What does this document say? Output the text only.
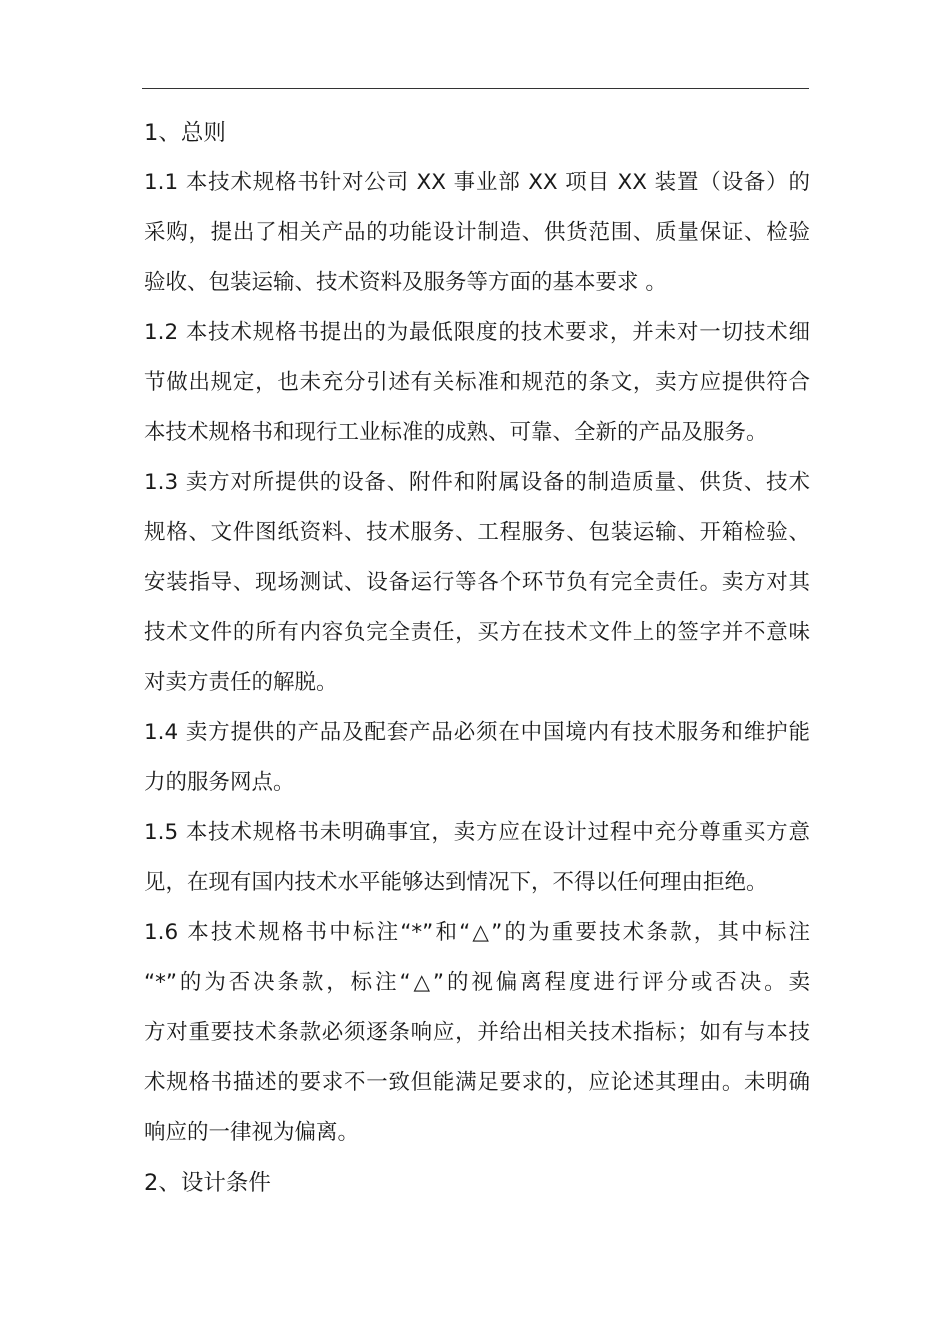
1、总则
1.1 本技术规格书针对公司 XX 事业部 XX 项目 XX 装置（设备）的
采购，提出了相关产品的功能设计制造、供货范围、质量保证、检验
验收、包装运输、技术资料及服务等方面的基本要求 。
1.2 本技术规格书提出的为最低限度的技术要求，并未对一切技术细
节做出规定，也未充分引述有关标准和规范的条文，卖方应提供符合
本技术规格书和现行工业标准的成熟、可靠、全新的产品及服务。
1.3 卖方对所提供的设备、附件和附属设备的制造质量、供货、技术
规格、文件图纸资料、技术服务、工程服务、包装运输、开箱检验、
安装指导、现场测试、设备运行等各个环节负有完全责任。卖方对其
技术文件的所有内容负完全责任，买方在技术文件上的签字并不意味
对卖方责任的解脱。
1.4 卖方提供的产品及配套产品必须在中国境内有技术服务和维护能
力的服务网点。
1.5 本技术规格书未明确事宜，卖方应在设计过程中充分尊重买方意
见，在现有国内技术水平能够达到情况下，不得以任何理由拒绝。
1.6 本技术规格书中标注“*”和“△”的为重要技术条款，其中标注
“*”的为否决条款，标注“△”的视偏离程度进行评分或否决。卖
方对重要技术条款必须逐条响应，并给出相关技术指标；如有与本技
术规格书描述的要求不一致但能满足要求的，应论述其理由。未明确
响应的一律视为偏离。
2、设计条件
